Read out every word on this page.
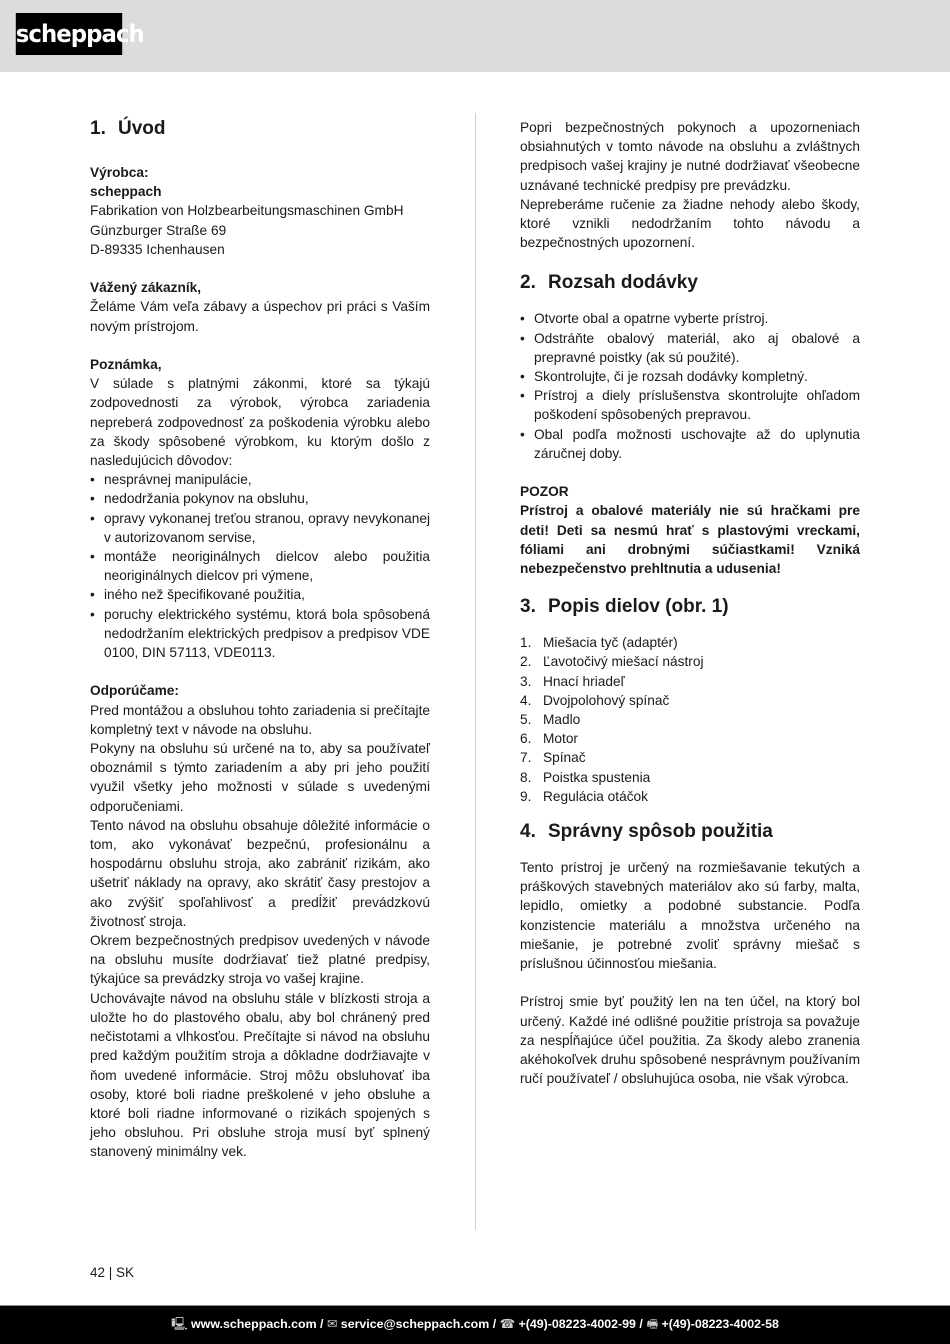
scheppach
1. Úvod

Výrobca:

scheppach

Fabrikation von Holzbearbeitungsmaschinen GmbH

Günzburger Straße 69

D-89335 Ichenhausen

Vážený zákazník,

Želáme Vám veľa zábavy a úspechov pri práci s Vaším novým prístrojom.

Poznámka,

V súlade s platnými zákonmi, ktoré sa týkajú zodpovednosti za výrobok, výrobca zariadenia nepreberá zodpovednosť za poškodenia výrobku alebo za škody spôsobené výrobkom, ku ktorým došlo z nasledujúcich dôvodov:

• nesprávnej manipulácie,
• nedodržania pokynov na obsluhu,
• opravy vykonanej treťou stranou, opravy nevykonanej v autorizovanom servise,
• montáže neoriginálnych dielcov alebo použitia neoriginálnych dielcov pri výmene,
• iného než špecifikované použitia,
• poruchy elektrického systému, ktorá bola spôsobená nedodržaním elektrických predpisov a predpisov VDE 0100, DIN 57113, VDE0113.

Odporúčame:

Pred montážou a obsluhou tohto zariadenia si prečítajte kompletný text v návode na obsluhu.

Pokyny na obsluhu sú určené na to, aby sa používateľ oboznámil s týmto zariadením a aby pri jeho použití využil všetky jeho možnosti v súlade s uvedenými odporučeniami.

Tento návod na obsluhu obsahuje dôležité informácie o tom, ako vykonávať bezpečnú, profesionálnu a hospodárnu obsluhu stroja, ako zabrániť rizikám, ako ušetriť náklady na opravy, ako skrátiť časy prestojov a ako zvýšiť spoľahlivosť a predĺžiť prevádzkovú životnosť stroja.

Okrem bezpečnostných predpisov uvedených v návode na obsluhu musíte dodržiavať tiež platné predpisy, týkajúce sa prevádzky stroja vo vašej krajine.

Uchovávajte návod na obsluhu stále v blízkosti stroja a uložte ho do plastového obalu, aby bol chránený pred nečistotami a vlhkosťou. Prečítajte si návod na obsluhu pred každým použitím stroja a dôkladne dodržiavajte v ňom uvedené informácie. Stroj môžu obsluhovať iba osoby, ktoré boli riadne preškolené v jeho obsluhe a ktoré boli riadne informované o rizikách spojených s jeho obsluhou. Pri obsluhe stroja musí byť splnený stanovený minimálny vek.

Popri bezpečnostných pokynoch a upozorneniach obsiahnutých v tomto návode na obsluhu a zvláštnych predpisoch vašej krajiny je nutné dodržiavať všeobecne uznávané technické predpisy pre prevádzku.

Nepreberáme ručenie za žiadne nehody alebo škody, ktoré vznikli nedodržaním tohto návodu a bezpečnostných upozornení.

2. Rozsah dodávky
• Otvorte obal a opatrne vyberte prístroj.
• Odstráňte obalový materiál, ako aj obalové a prepravné poistky (ak sú použité).
• Skontrolujte, či je rozsah dodávky kompletný.
• Prístroj a diely príslušenstva skontrolujte ohľadom poškodení spôsobených prepravou.
• Obal podľa možnosti uschovajte až do uplynutia záručnej doby.

POZOR

Prístroj a obalové materiály nie sú hračkami pre deti! Deti sa nesmú hrať s plastovými vreckami, fóliami ani drobnými súčiastkami! Vzniká nebezpečenstvo prehltnutia a udusenia!

3. Popis dielov (obr. 1)
1. Miešacia tyč (adaptér)
2. Ľavotočivý miešací nástroj
3. Hnací hriadeľ
4. Dvojpolohový spínač
5. Madlo
6. Motor
7. Spínač
8. Poistka spustenia
9. Regulácia otáčok
4. Správny spôsob použitia

Tento prístroj je určený na rozmiešavanie tekutých a práškových stavebných materiálov ako sú farby, malta, lepidlo, omietky a podobné substancie. Podľa konzistencie materiálu a množstva určeného na miešanie, je potrebné zvoliť správny miešač s príslušnou účinnosťou miešania.

Prístroj smie byť použitý len na ten účel, na ktorý bol určený. Každé iné odlišné použitie prístroja sa považuje za nespĺňajúce účel použitia. Za škody alebo zranenia akéhokoľvek druhu spôsobené nesprávnym používaním ručí používateľ / obsluhujúca osoba, nie však výrobca.

42 | SK
🖳 www.scheppach.com / ✉ service@scheppach.com / ☎ +(49)-08223-4002-99 / 🖷 +(49)-08223-4002-58
